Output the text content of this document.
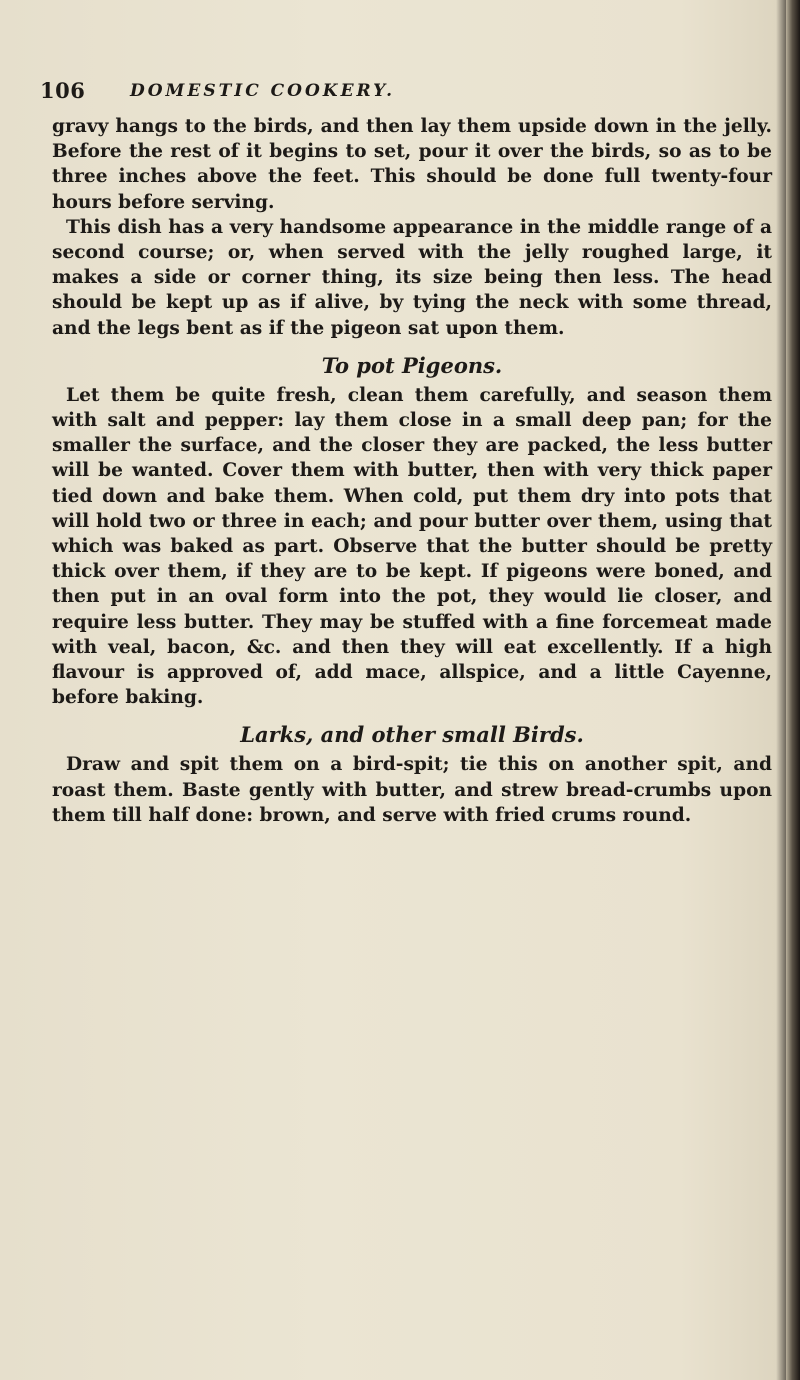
106	DOMESTIC COOKERY.

gravy hangs to the birds, and then lay them upside down in the jelly. Before the rest of it begins to set, pour it over the birds, so as to be three inches above the feet. This should be done full twenty-four hours before serving.

This dish has a very handsome appearance in the middle range of a second course; or, when served with the jelly roughed large, it makes a side or corner thing, its size being then less. The head should be kept up as if alive, by tying the neck with some thread, and the legs bent as if the pigeon sat upon them.

To pot Pigeons.

Let them be quite fresh, clean them carefully, and season them with salt and pepper: lay them close in a small deep pan; for the smaller the surface, and the closer they are packed, the less butter will be wanted. Cover them with butter, then with very thick paper tied down and bake them. When cold, put them dry into pots that will hold two or three in each; and pour butter over them, using that which was baked as part. Observe that the butter should be pretty thick over them, if they are to be kept. If pigeons were boned, and then put in an oval form into the pot, they would lie closer, and require less butter. They may be stuffed with a fine forcemeat made with veal, bacon, &c. and then they will eat excellently. If a high flavour is approved of, add mace, allspice, and a little Cayenne, before baking.

Larks, and other small Birds.

Draw and spit them on a bird-spit; tie this on another spit, and roast them. Baste gently with butter, and strew bread-crumbs upon them till half done: brown, and serve with fried crums round.
